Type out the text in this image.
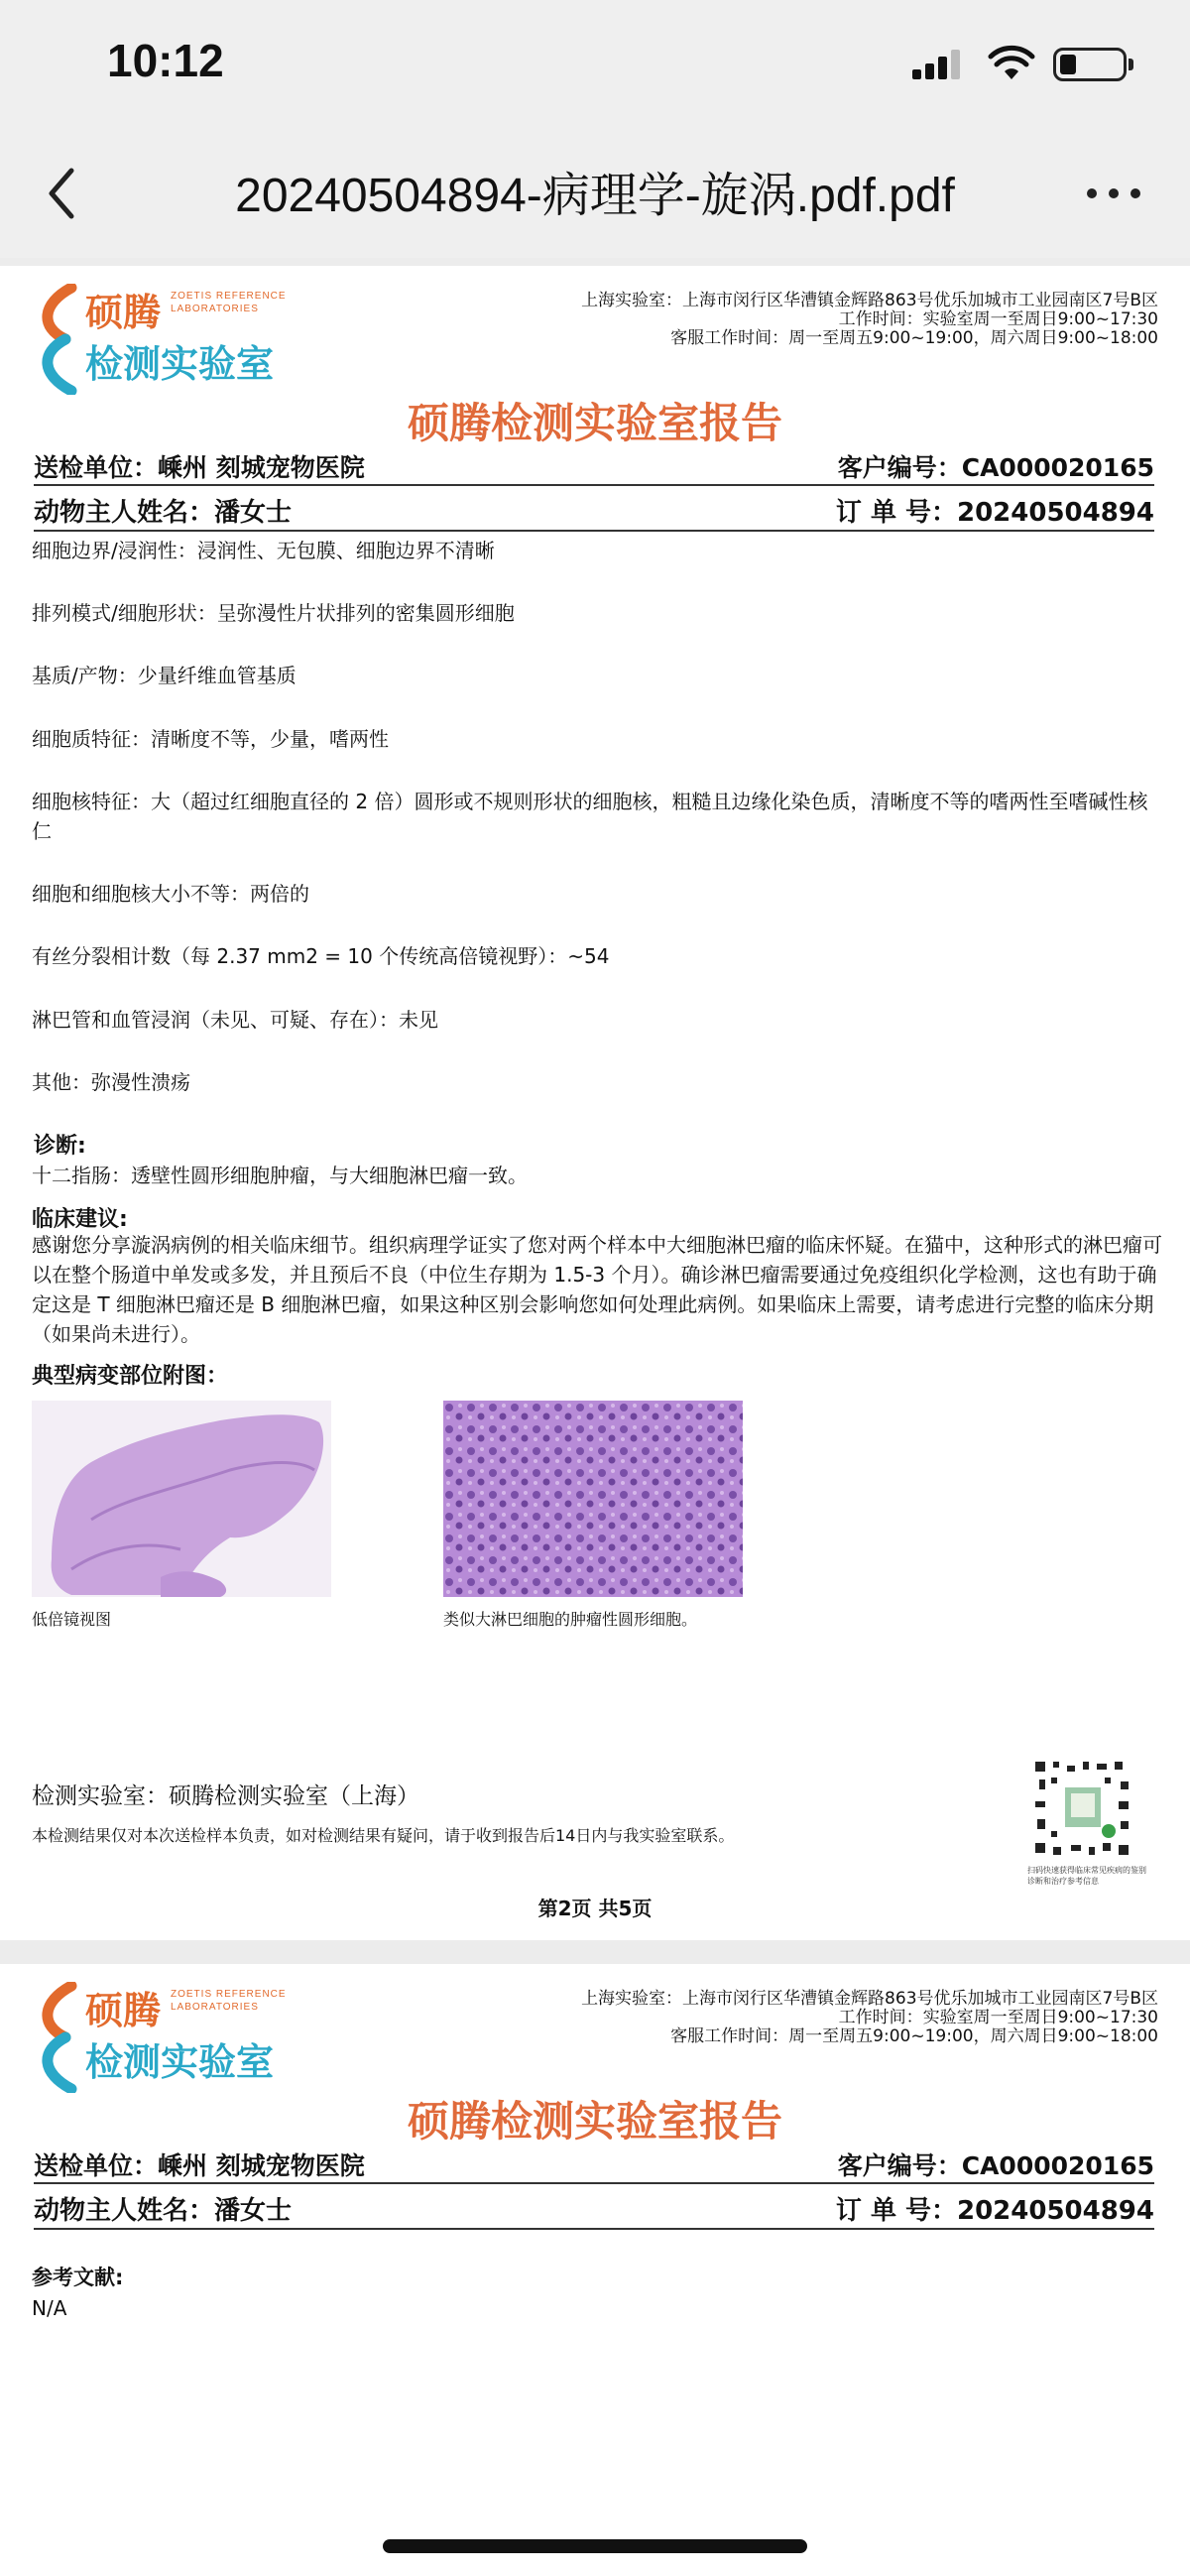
10:12
20240504894-病理学-旋涡.pdf.pdf
硕腾 ZOETIS REFERENCE LABORATORIES
检测实验室
上海实验室：上海市闵行区华漕镇金辉路863号优乐加城市工业园南区7号B区
工作时间：实验室周一至周日9:00~17:30
客服工作时间：周一至周五9:00~19:00，周六周日9:00~18:00
硕腾检测实验室报告
送检单位：嵊州 刻城宠物医院	客户编号：CA000020165
动物主人姓名：潘女士	订 单 号：20240504894
细胞边界/浸润性：浸润性、无包膜、细胞边界不清晰
排列模式/细胞形状：呈弥漫性片状排列的密集圆形细胞
基质/产物：少量纤维血管基质
细胞质特征：清晰度不等，少量，嗜两性
细胞核特征：大（超过红细胞直径的 2 倍）圆形或不规则形状的细胞核，粗糙且边缘化染色质，清晰度不等的嗜两性至嗜碱性核仁
细胞和细胞核大小不等：两倍的
有丝分裂相计数（每 2.37 mm2 = 10 个传统高倍镜视野）：~54
淋巴管和血管浸润（未见、可疑、存在）：未见
其他：弥漫性溃疡
诊断:
十二指肠：透壁性圆形细胞肿瘤，与大细胞淋巴瘤一致。
临床建议:
感谢您分享漩涡病例的相关临床细节。组织病理学证实了您对两个样本中大细胞淋巴瘤的临床怀疑。在猫中，这种形式的淋巴瘤可以在整个肠道中单发或多发，并且预后不良（中位生存期为 1.5-3 个月）。确诊淋巴瘤需要通过免疫组织化学检测，这也有助于确定这是 T 细胞淋巴瘤还是 B 细胞淋巴瘤，如果这种区别会影响您如何处理此病例。如果临床上需要，请考虑进行完整的临床分期（如果尚未进行）。
典型病变部位附图：
低倍镜视图	类似大淋巴细胞的肿瘤性圆形细胞。
检测实验室：硕腾检测实验室（上海）
本检测结果仅对本次送检样本负责，如对检测结果有疑问，请于收到报告后14日内与我实验室联系。
扫码快速获得临床常见疾病的鉴别诊断和治疗参考信息
第2页 共5页
硕腾 ZOETIS REFERENCE LABORATORIES
检测实验室
上海实验室：上海市闵行区华漕镇金辉路863号优乐加城市工业园南区7号B区
工作时间：实验室周一至周日9:00~17:30
客服工作时间：周一至周五9:00~19:00，周六周日9:00~18:00
硕腾检测实验室报告
送检单位：嵊州 刻城宠物医院	客户编号：CA000020165
动物主人姓名：潘女士	订 单 号：20240504894
参考文献:
N/A
